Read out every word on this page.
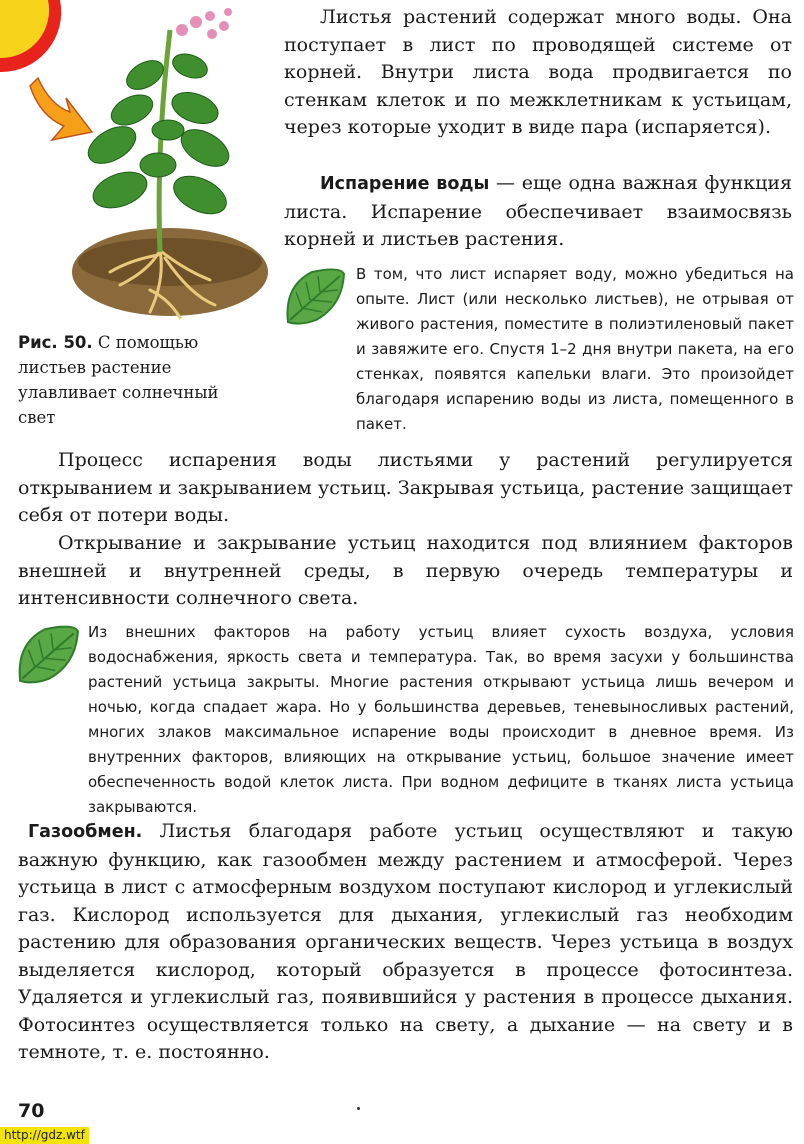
Рис. 50. С помощью листьев растение улавливает солнечный свет
Листья растений содержат много воды. Она поступает в лист по проводящей системе от корней. Внутри листа вода продвигается по стенкам клеток и по межклетникам к устьицам, через которые уходит в виде пара (испаряется).
Испарение воды — еще одна важная функция листа. Испарение обеспечивает взаимосвязь корней и листьев растения.
В том, что лист испаряет воду, можно убедиться на опыте. Лист (или несколько листьев), не отрывая от живого растения, поместите в полиэтиленовый пакет и завяжите его. Спустя 1–2 дня внутри пакета, на его стенках, появятся капельки влаги. Это произойдет благодаря испарению воды из листа, помещенного в пакет.
Процесс испарения воды листьями у растений регулируется открыванием и закрыванием устьиц. Закрывая устьица, растение защищает себя от потери воды.
Открывание и закрывание устьиц находится под влиянием факторов внешней и внутренней среды, в первую очередь температуры и интенсивности солнечного света.
Из внешних факторов на работу устьиц влияет сухость воздуха, условия водоснабжения, яркость света и температура. Так, во время засухи у большинства растений устьица закрыты. Многие растения открывают устьица лишь вечером и ночью, когда спадает жара. Но у большинства деревьев, теневыносливых растений, многих злаков максимальное испарение воды происходит в дневное время. Из внутренних факторов, влияющих на открывание устьиц, большое значение имеет обеспеченность водой клеток листа. При водном дефиците в тканях листа устьица закрываются.
Газообмен. Листья благодаря работе устьиц осуществляют и такую важную функцию, как газообмен между растением и атмосферой. Через устьица в лист с атмосферным воздухом поступают кислород и углекислый газ. Кислород используется для дыхания, углекислый газ необходим растению для образования органических веществ. Через устьица в воздух выделяется кислород, который образуется в процессе фотосинтеза. Удаляется и углекислый газ, появившийся у растения в процессе дыхания. Фотосинтез осуществляется только на свету, а дыхание — на свету и в темноте, т. е. постоянно.
70
http://gdz.wtf
